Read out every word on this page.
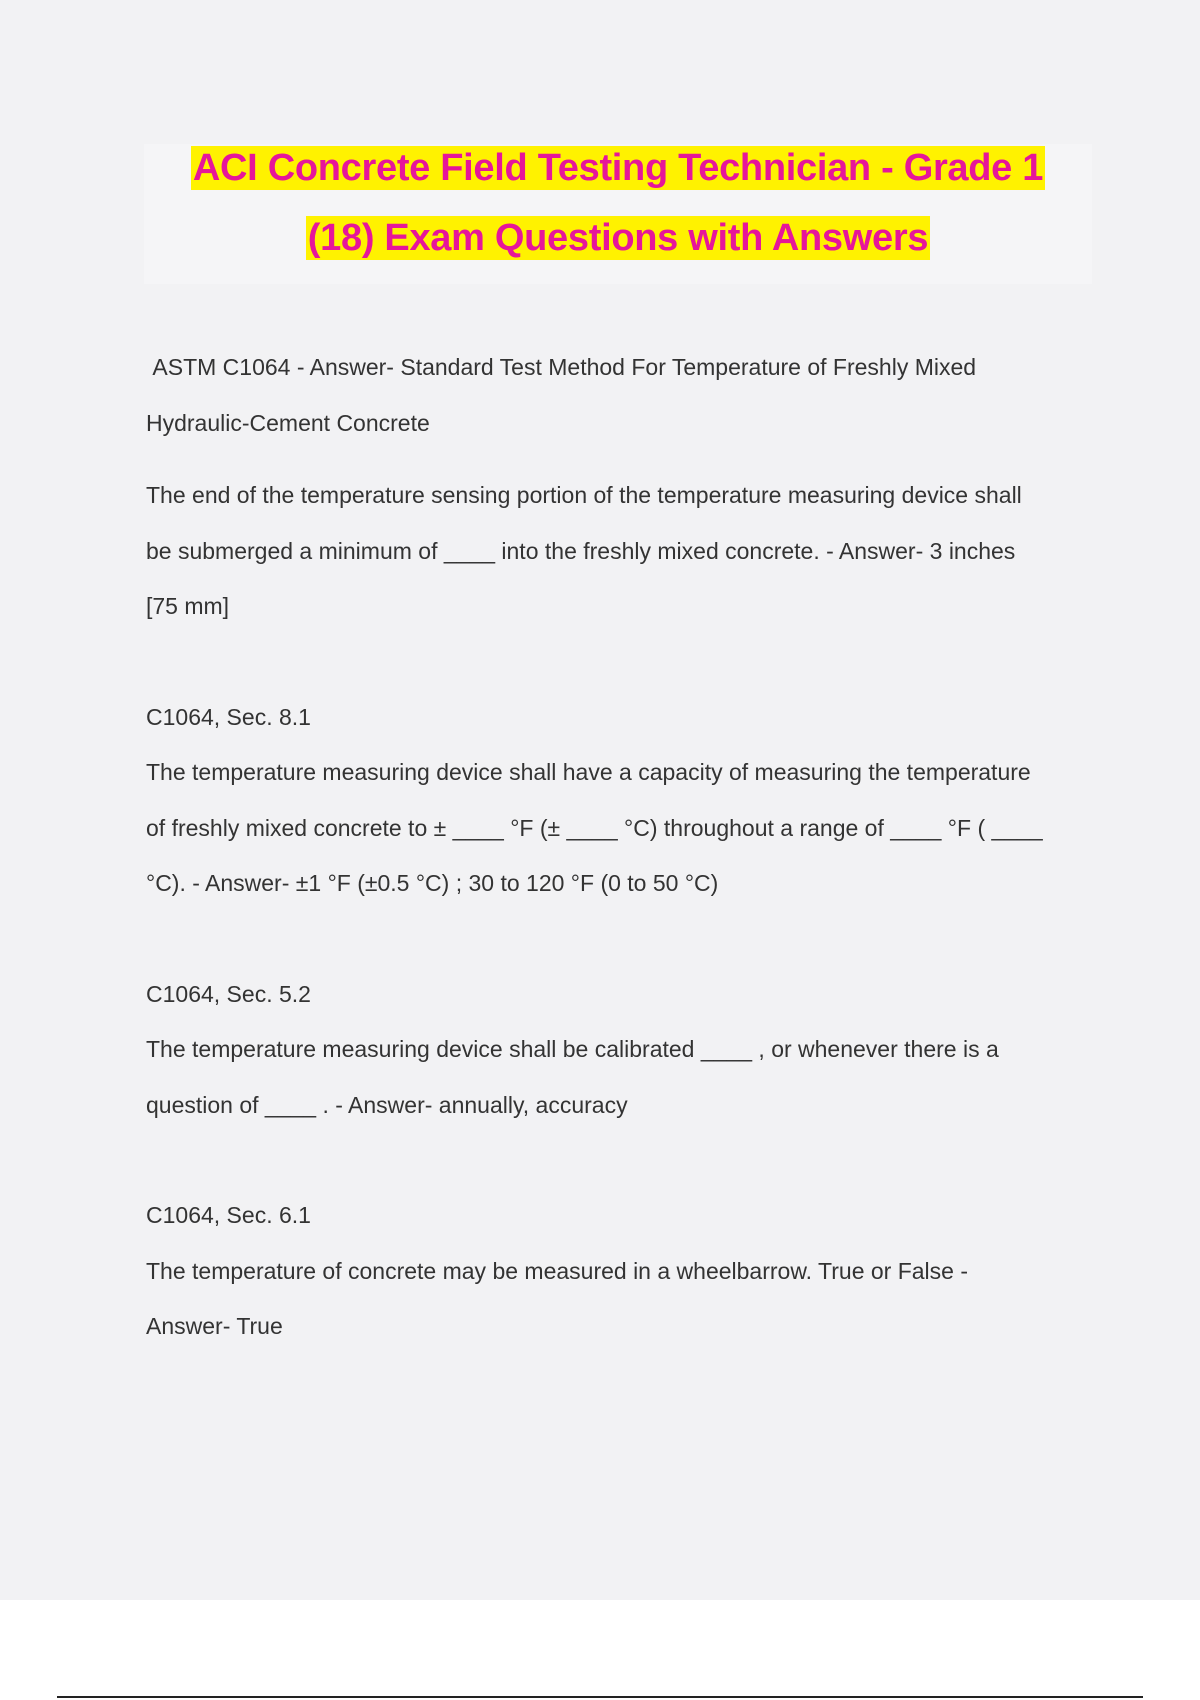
ACI Concrete Field Testing Technician - Grade 1
(18) Exam Questions with Answers

ASTM C1064 - Answer- Standard Test Method For Temperature of Freshly Mixed
Hydraulic-Cement Concrete

The end of the temperature sensing portion of the temperature measuring device shall
be submerged a minimum of ____ into the freshly mixed concrete. - Answer- 3 inches
[75 mm]

C1064, Sec. 8.1

The temperature measuring device shall have a capacity of measuring the temperature
of freshly mixed concrete to ± ____ °F (± ____ °C) throughout a range of ____ °F ( ____
°C). - Answer- ±1 °F (±0.5 °C) ; 30 to 120 °F (0 to 50 °C)

C1064, Sec. 5.2

The temperature measuring device shall be calibrated ____ , or whenever there is a
question of ____ . - Answer- annually, accuracy

C1064, Sec. 6.1

The temperature of concrete may be measured in a wheelbarrow. True or False -
Answer- True
